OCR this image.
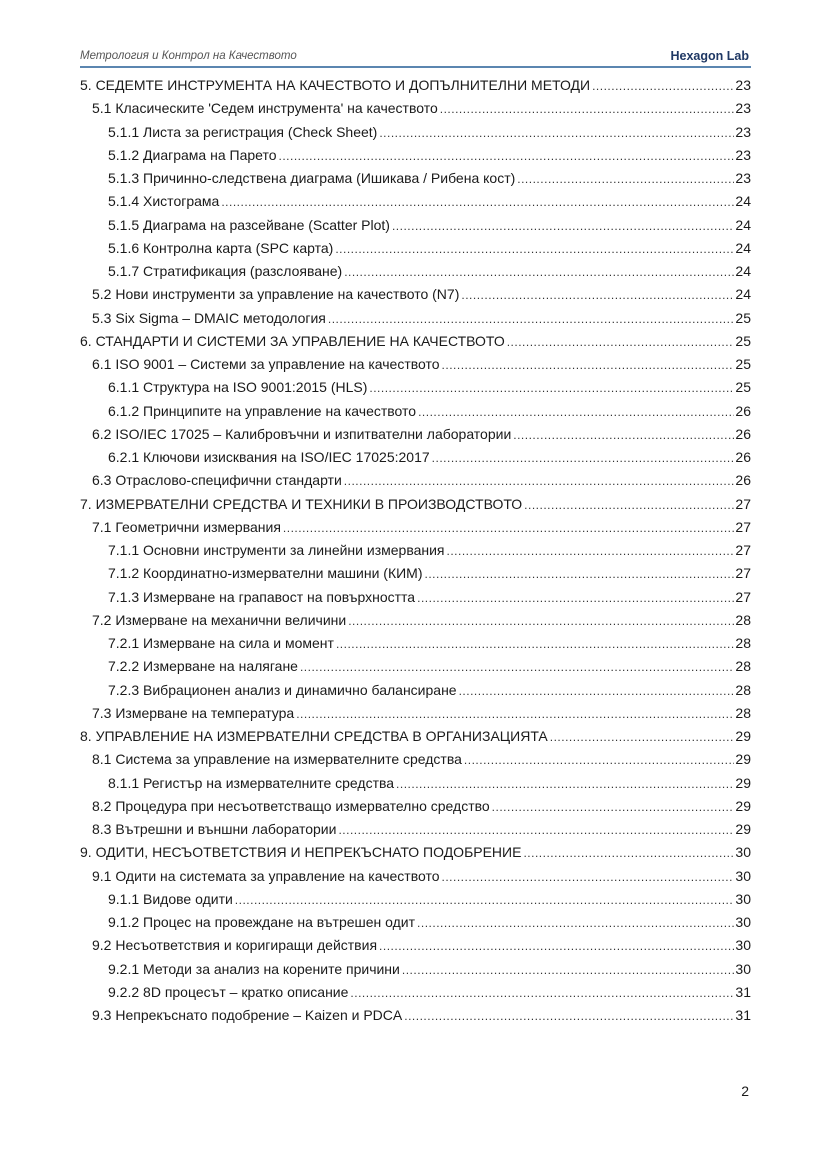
Метрология и Контрол на Качеството	Hexagon Lab
5. СЕДЕМТЕ ИНСТРУМЕНТА НА КАЧЕСТВОТО И ДОПЪЛНИТЕЛНИ МЕТОДИ .....	23
5.1 Класическите 'Седем инструмента' на качеството .....	23
5.1.1 Листа за регистрация (Check Sheet) .....	23
5.1.2 Диаграма на Парето .....	23
5.1.3 Причинно-следствена диаграма (Ишикава / Рибена кост) .....	23
5.1.4 Хистограма .....	24
5.1.5 Диаграма на разсейване (Scatter Plot) .....	24
5.1.6 Контролна карта (SPC карта) .....	24
5.1.7 Стратификация (разслояване) .....	24
5.2 Нови инструменти за управление на качеството (N7) .....	24
5.3 Six Sigma – DMAIC методология .....	25
6. СТАНДАРТИ И СИСТЕМИ ЗА УПРАВЛЕНИЕ НА КАЧЕСТВОТО .....	25
6.1 ISO 9001 – Системи за управление на качеството .....	25
6.1.1 Структура на ISO 9001:2015 (HLS) .....	25
6.1.2 Принципите на управление на качеството .....	26
6.2 ISO/IEC 17025 – Калибровъчни и изпитвателни лаборатории .....	26
6.2.1 Ключови изисквания на ISO/IEC 17025:2017 .....	26
6.3 Отраслово-специфични стандарти .....	26
7. ИЗМЕРВАТЕЛНИ СРЕДСТВА И ТЕХНИКИ В ПРОИЗВОДСТВОТО .....	27
7.1 Геометрични измервания .....	27
7.1.1 Основни инструменти за линейни измервания .....	27
7.1.2 Координатно-измервателни машини (КИМ) .....	27
7.1.3 Измерване на грапавост на повърхността .....	27
7.2 Измерване на механични величини .....	28
7.2.1 Измерване на сила и момент .....	28
7.2.2 Измерване на налягане .....	28
7.2.3 Вибрационен анализ и динамично балансиране .....	28
7.3 Измерване на температура .....	28
8. УПРАВЛЕНИЕ НА ИЗМЕРВАТЕЛНИ СРЕДСТВА В ОРГАНИЗАЦИЯТА .....	29
8.1 Система за управление на измервателните средства .....	29
8.1.1 Регистър на измервателните средства .....	29
8.2 Процедура при несъответстващо измервателно средство .....	29
8.3 Вътрешни и външни лаборатории .....	29
9. ОДИТИ, НЕСЪОТВЕТСТВИЯ И НЕПРЕКЪСНАТО ПОДОБРЕНИЕ .....	30
9.1 Одити на системата за управление на качеството .....	30
9.1.1 Видове одити .....	30
9.1.2 Процес на провеждане на вътрешен одит .....	30
9.2 Несъответствия и коригиращи действия .....	30
9.2.1 Методи за анализ на корените причини .....	30
9.2.2 8D процесът – кратко описание .....	31
9.3 Непрекъснато подобрение – Kaizen и PDCA .....	31
2
